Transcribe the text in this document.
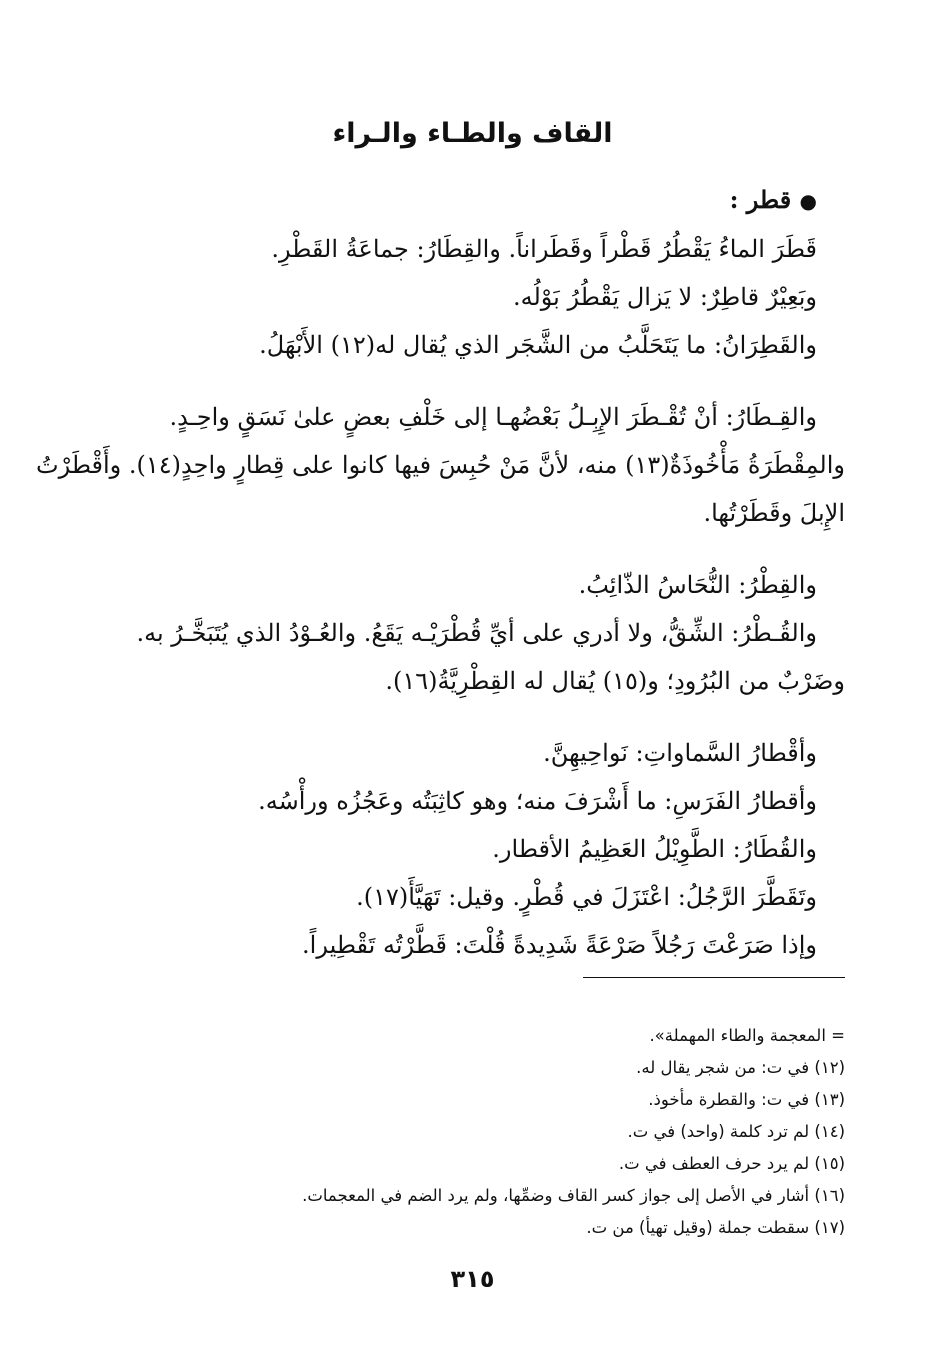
القاف والطـاء والـراء
● قطر :
قَطَرَ الماءُ يَقْطُرُ قَطْراً وقَطَراناً. والقِطَارُ: جماعَةُ القَطْرِ.
وبَعِيْرٌ قاطِرٌ: لا يَزال يَقْطُرُ بَوْلُه.
والقَطِرَانُ: ما يَتَحَلَّبُ من الشَّجَر الذي يُقال له(١٢) الأَبْهَلُ.
والقِـطَارُ: أنْ تُقْـطَرَ الإِبِـلُ بَعْضُهـا إلى خَلْفِ بعضٍ علىٰ نَسَقٍ واحِـدٍ.
والمِقْطَرَةُ مَأْخُوذَةٌ(١٣) منه، لأنَّ مَنْ حُبِسَ فيها كانوا على قِطارٍ واحِدٍ(١٤). وأَقْطَرْتُ
الإِبلَ وقَطَرْتُها.
والقِطْرُ: النُّحَاسُ الذّائِبُ.
والقُـطْرُ: الشِّقُّ، ولا أدري على أيِّ قُطْرَيْـه يَقَعُ. والعُـوْدُ الذي يُتَبَخَّـرُ به.
وضَرْبٌ من البُرُودِ؛ و(١٥) يُقال له القِطْرِيَّةُ(١٦).
وأقْطارُ السَّماواتِ: نَواحِيهِنَّ.
وأقطارُ الفَرَسِ: ما أَشْرَفَ منه؛ وهو كاثِبَتُه وعَجُزُه ورأْسُه.
والقُطَارُ: الطَّوِيْلُ العَظِيمُ الأقطار.
وتَقَطَّرَ الرَّجُلُ: اعْتَزَلَ في قُطْرٍ. وقيل: تَهَيَّأَ(١٧).
وإذا صَرَعْتَ رَجُلاً صَرْعَةً شَدِيدةً قُلْتَ: قَطَّرْتُه تَقْطِيراً.
= المعجمة والطاء المهملة».
(١٢) في ت: من شجر يقال له.
(١٣) في ت: والقطرة مأخوذ.
(١٤) لم ترد كلمة (واحد) في ت.
(١٥) لم يرد حرف العطف في ت.
(١٦) أشار في الأصل إلى جواز كسر القاف وضمِّها، ولم يرد الضم في المعجمات.
(١٧) سقطت جملة (وقيل تهيأ) من ت.
٣١٥
